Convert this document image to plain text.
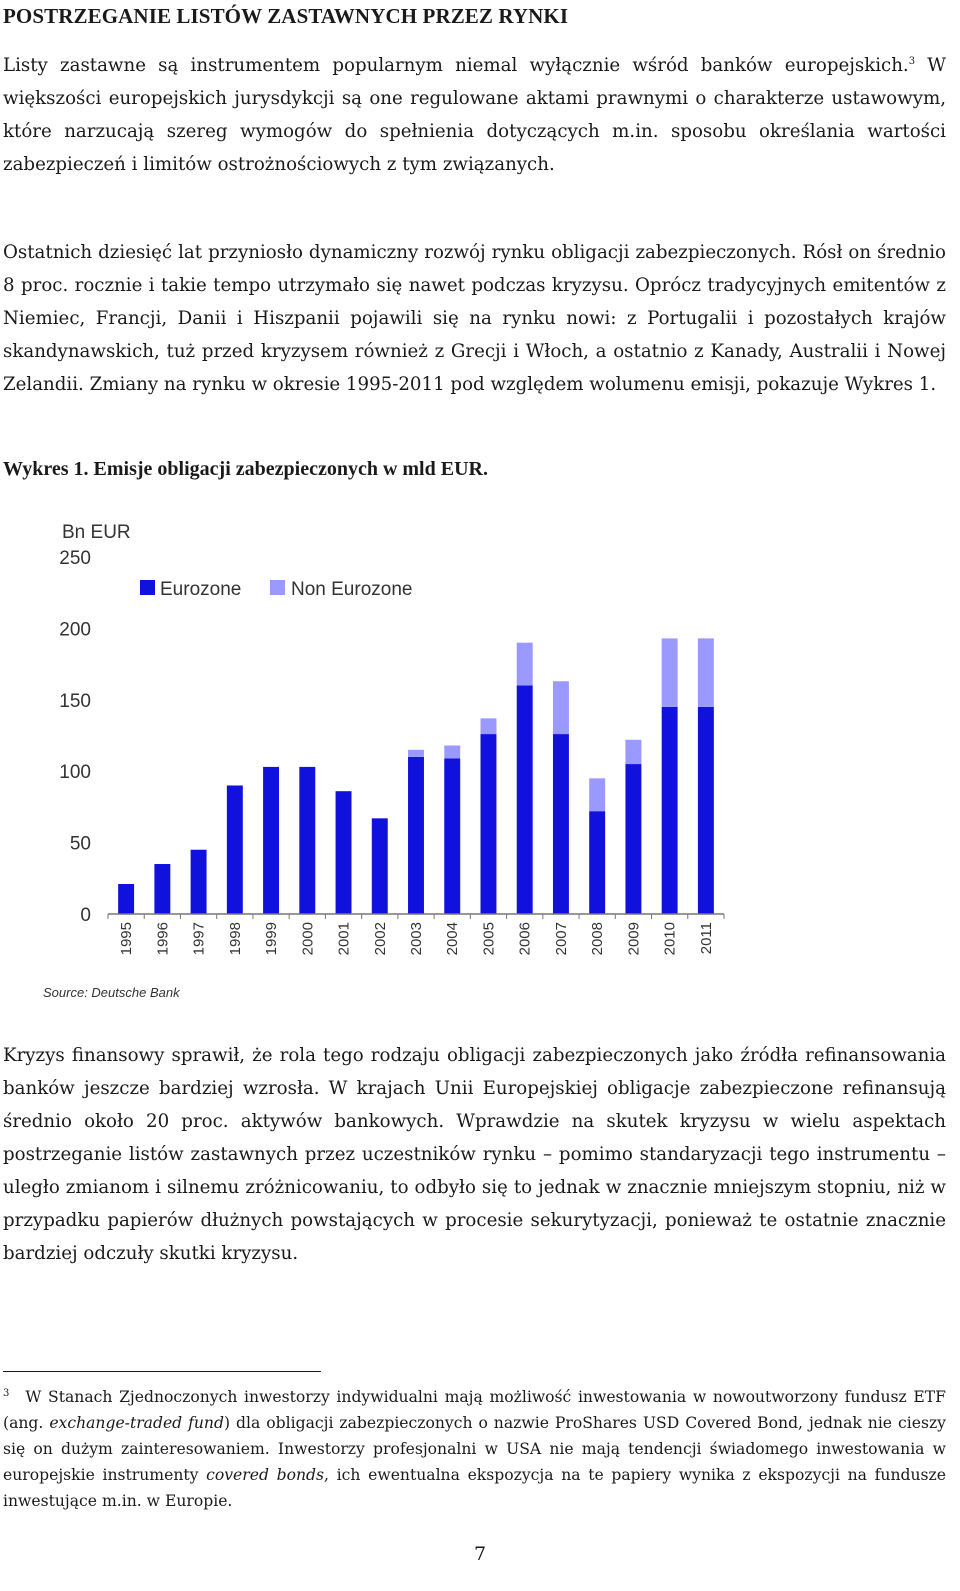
POSTRZEGANIE LISTÓW ZASTAWNYCH PRZEZ RYNKI
Listy zastawne są instrumentem popularnym niemal wyłącznie wśród banków europejskich.$^3$ W większości europejskich jurysdykcji są one regulowane aktami prawnymi o charakterze ustawowym, które narzucają szereg wymogów do spełnienia dotyczących m.in. sposobu określania wartości zabezpieczeń i limitów ostrożnościowych z tym związanych.
Ostatnich dziesięć lat przyniosło dynamiczny rozwój rynku obligacji zabezpieczonych. Rósł on średnio 8 proc. rocznie i takie tempo utrzymało się nawet podczas kryzysu. Oprócz tradycyjnych emitentów z Niemiec, Francji, Danii i Hiszpanii pojawili się na rynku nowi: z Portugalii i pozostałych krajów skandynawskich, tuż przed kryzysem również z Grecji i Włoch, a ostatnio z Kanady, Australii i Nowej Zelandii. Zmiany na rynku w okresie 1995-2011 pod względem wolumenu emisji, pokazuje Wykres 1.
Wykres 1. Emisje obligacji zabezpieczonych w mld EUR.
Bn EUR
0
50
100
150
200
250
Eurozone	Non Eurozone
1995 1996 1997 1998 1999 2000 2001 2002 2003 2004 2005 2006 2007 2008 2009 2010 2011
Source: Deutsche Bank
Kryzys finansowy sprawił, że rola tego rodzaju obligacji zabezpieczonych jako źródła refinansowania banków jeszcze bardziej wzrosła. W krajach Unii Europejskiej obligacje zabezpieczone refinansują średnio około 20 proc. aktywów bankowych. Wprawdzie na skutek kryzysu w wielu aspektach postrzeganie listów zastawnych przez uczestników rynku – pomimo standaryzacji tego instrumentu – uległo zmianom i silnemu zróżnicowaniu, to odbyło się to jednak w znacznie mniejszym stopniu, niż w przypadku papierów dłużnych powstających w procesie sekurytyzacji, ponieważ te ostatnie znacznie bardziej odczuły skutki kryzysu.
$^3$ W Stanach Zjednoczonych inwestorzy indywidualni mają możliwość inwestowania w nowoutworzony fundusz ETF (ang. exchange-traded fund) dla obligacji zabezpieczonych o nazwie ProShares USD Covered Bond, jednak nie cieszy się on dużym zainteresowaniem. Inwestorzy profesjonalni w USA nie mają tendencji świadomego inwestowania w europejskie instrumenty covered bonds, ich ewentualna ekspozycja na te papiery wynika z ekspozycji na fundusze inwestujące m.in. w Europie.
7
